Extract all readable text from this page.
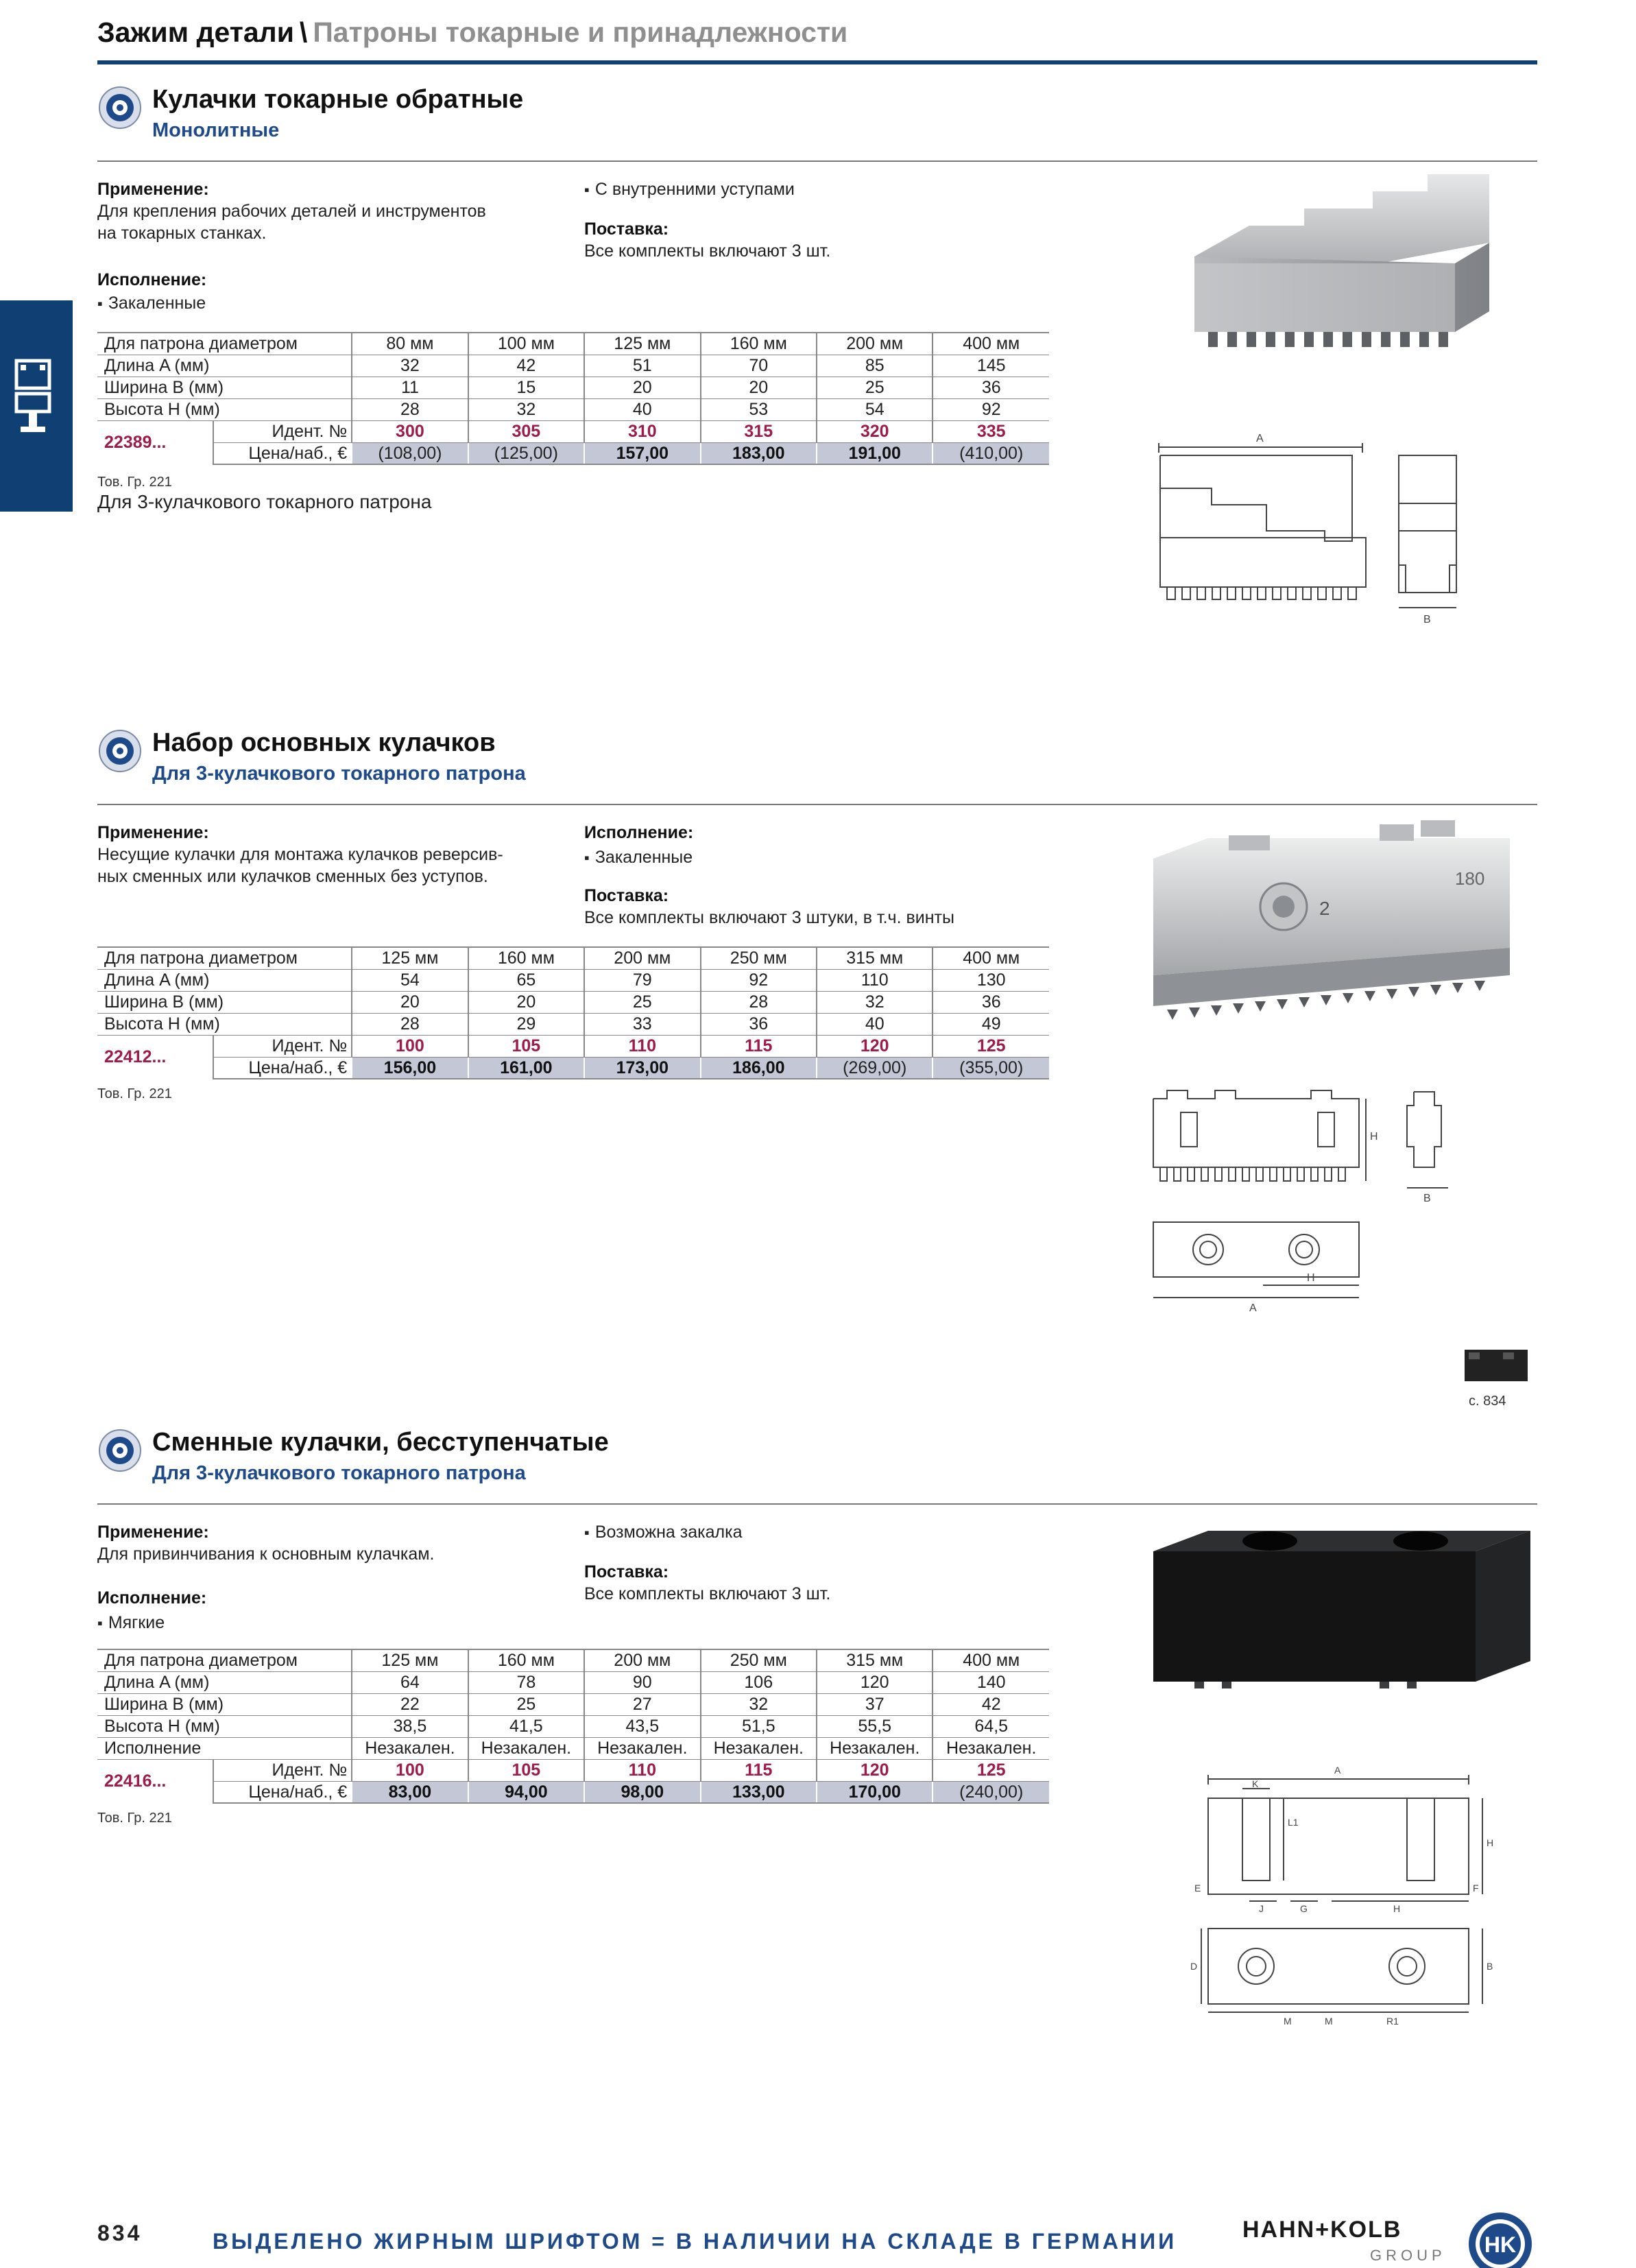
Зажим детали \ Патроны токарные и принадлежности
Кулачки токарные обратные
Монолитные
Применение:
Для крепления рабочих деталей и инструментов
на токарных станках.
Исполнение:
▪ Закаленные
▪ С внутренними уступами
Поставка:
Все комплекты включают 3 шт.
Для патрона диаметром		80 мм	100 мм	125 мм	160 мм	200 мм	400 мм
Длина A (мм)		32	42	51	70	85	145
Ширина B (мм)		11	15	20	20	25	36
Высота H (мм)		28	32	40	53	54	92
22389...	Идент. №	300	305	310	315	320	335
	Цена/наб., €	(108,00)	(125,00)	157,00	183,00	191,00	(410,00)
Тов. Гр. 221
Для 3-кулачкового токарного патрона
A
B
Набор основных кулачков
Для 3-кулачкового токарного патрона
Применение:
Несущие кулачки для монтажа кулачков реверсив-
ных сменных или кулачков сменных без уступов.
Исполнение:
▪ Закаленные
Поставка:
Все комплекты включают 3 штуки, в т.ч. винты
Для патрона диаметром		125 мм	160 мм	200 мм	250 мм	315 мм	400 мм
Длина A (мм)		54	65	79	92	110	130
Ширина B (мм)		20	20	25	28	32	36
Высота H (мм)		28	29	33	36	40	49
22412...	Идент. №	100	105	110	115	120	125
	Цена/наб., €	156,00	161,00	173,00	186,00	(269,00)	(355,00)
Тов. Гр. 221
2
180
H
B
A
H
с. 834
Сменные кулачки, бесступенчатые
Для 3-кулачкового токарного патрона
Применение:
Для привинчивания к основным кулачкам.
Исполнение:
▪ Мягкие
▪ Возможна закалка
Поставка:
Все комплекты включают 3 шт.
Для патрона диаметром		125 мм	160 мм	200 мм	250 мм	315 мм	400 мм
Длина A (мм)		64	78	90	106	120	140
Ширина B (мм)		22	25	27	32	37	42
Высота H (мм)		38,5	41,5	43,5	51,5	55,5	64,5
Исполнение		Незакален.	Незакален.	Незакален.	Незакален.	Незакален.	Незакален.
22416...	Идент. №	100	105	110	115	120	125
	Цена/наб., €	83,00	94,00	98,00	133,00	170,00	(240,00)
Тов. Гр. 221
A
K
L1
H
E
J	G	H
F
D	B
M	M	R1
834	ВЫДЕЛЕНО ЖИРНЫМ ШРИФТОМ = В НАЛИЧИИ НА СКЛАДЕ В ГЕРМАНИИ	HAHN+KOLB
GROUP HK
